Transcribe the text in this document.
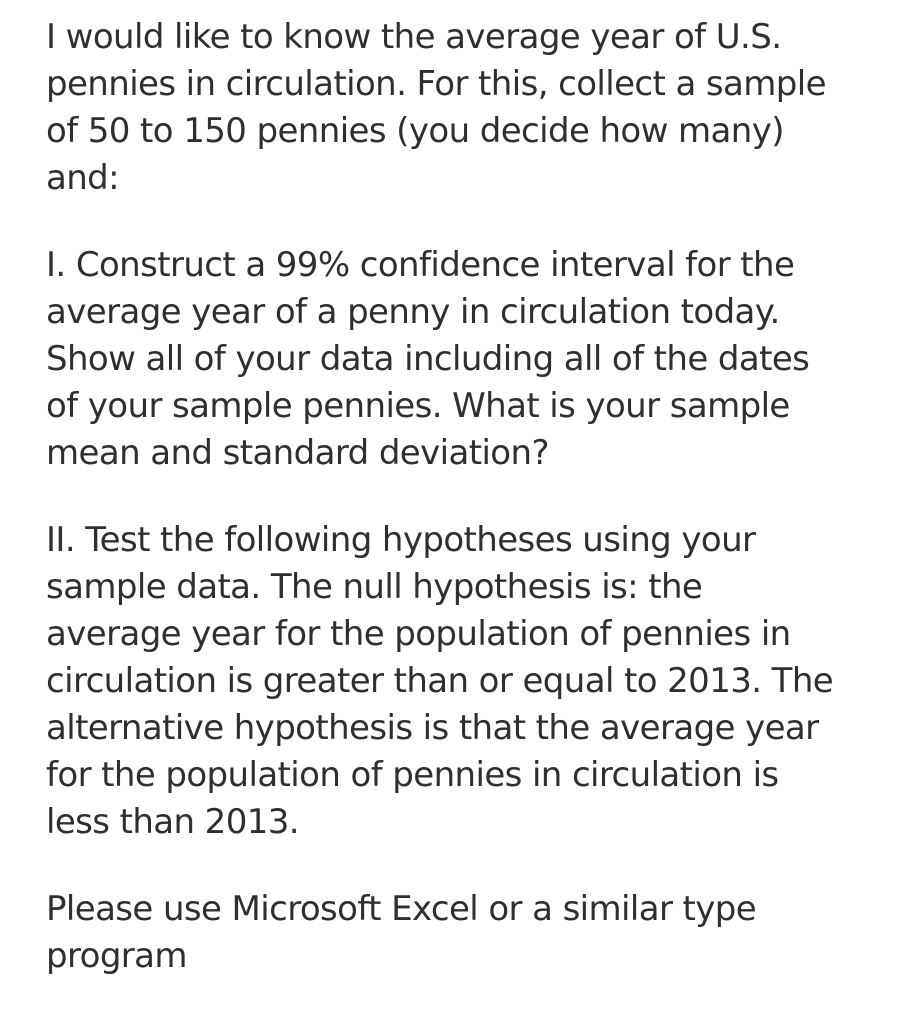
I would like to know the average year of U.S.
pennies in circulation. For this, collect a sample
of 50 to 150 pennies (you decide how many)
and:

I. Construct a 99% confidence interval for the
average year of a penny in circulation today.
Show all of your data including all of the dates
of your sample pennies. What is your sample
mean and standard deviation?

II. Test the following hypotheses using your
sample data. The null hypothesis is: the
average year for the population of pennies in
circulation is greater than or equal to 2013. The
alternative hypothesis is that the average year
for the population of pennies in circulation is
less than 2013.

Please use Microsoft Excel or a similar type
program
